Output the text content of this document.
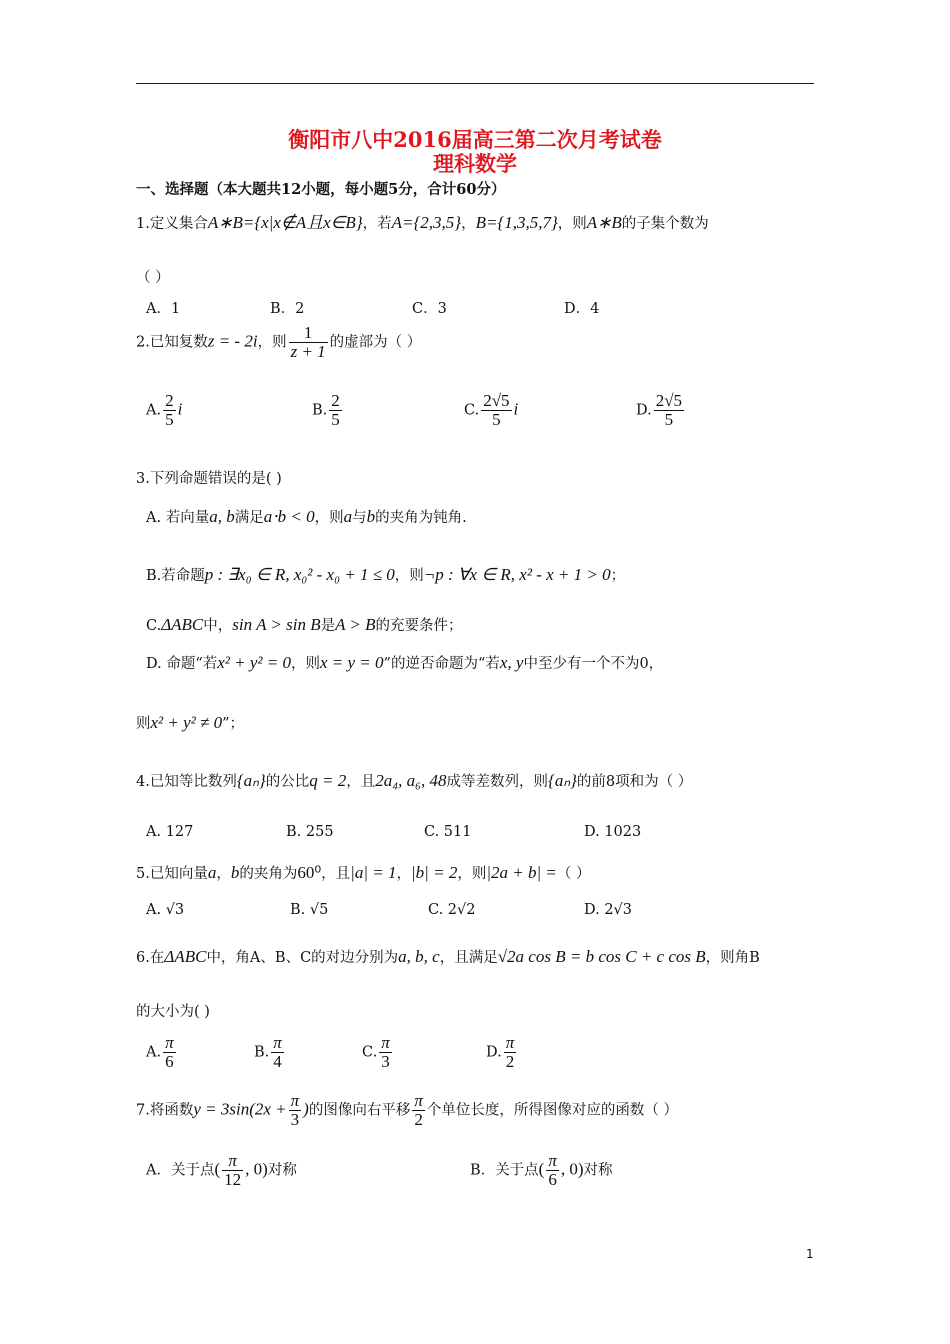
衡阳市八中2016届高三第二次月考试卷
理科数学
一、选择题（本大题共12小题，每小题5分，合计60分）
1.定义集合A∗B={x|x∉A且x∈B}，若A={2,3,5}，B={1,3,5,7}，则A∗B的子集个数为
（ ）
A．1	B．2	C．3	D．4
2.已知复数z = - 2i，则 $\frac{1}{z + 1}$ 的虚部为（ ）
A. $\frac{2}{5}$ i	B. $\frac{2}{5}$	C. $\frac{2√5}{5}$ i	D. $\frac{2√5}{5}$
3.下列命题错误的是( )
A. 若向量a, b满足a⋅b < 0，则a与b的夹角为钝角.
B.若命题p : ∃x₀ ∈ R, x₀² - x₀ + 1 ≤ 0，则¬p : ∀x ∈ R, x² - x + 1 > 0；
C.ΔABC中，sin A > sin B是A > B的充要条件；
D. 命题“若x² + y² = 0，则x = y = 0”的逆否命题为“若x, y中至少有一个不为0，
则x² + y² ≠ 0”；
4.已知等比数列{aₙ}的公比q = 2，且2a₄, a₆, 48成等差数列，则{aₙ}的前8项和为（ ）
A. 127	B. 255	C. 511	D. 1023
5.已知向量a，b的夹角为60⁰，且|a| = 1，|b| = 2，则|2a + b| =（ ）
A. √3	B. √5	C. 2√2	D. 2√3
6.在ΔABC中，角A、B、C的对边分别为a, b, c，且满足√2a cos B = b cos C + c cos B，则角B
的大小为( )
A. $\frac{\pi}{6}$	B. $\frac{\pi}{4}$	C. $\frac{\pi}{3}$	D. $\frac{\pi}{2}$
7.将函数$y = 3\sin(2x + \frac{\pi}{3}$ )的图像向右平移 $\frac{\pi}{2}$ 个单位长度，所得图像对应的函数（ ）
A．关于点( $\frac{\pi}{12}$ , 0)对称	B．关于点( $\frac{\pi}{6}$ , 0)对称
1
